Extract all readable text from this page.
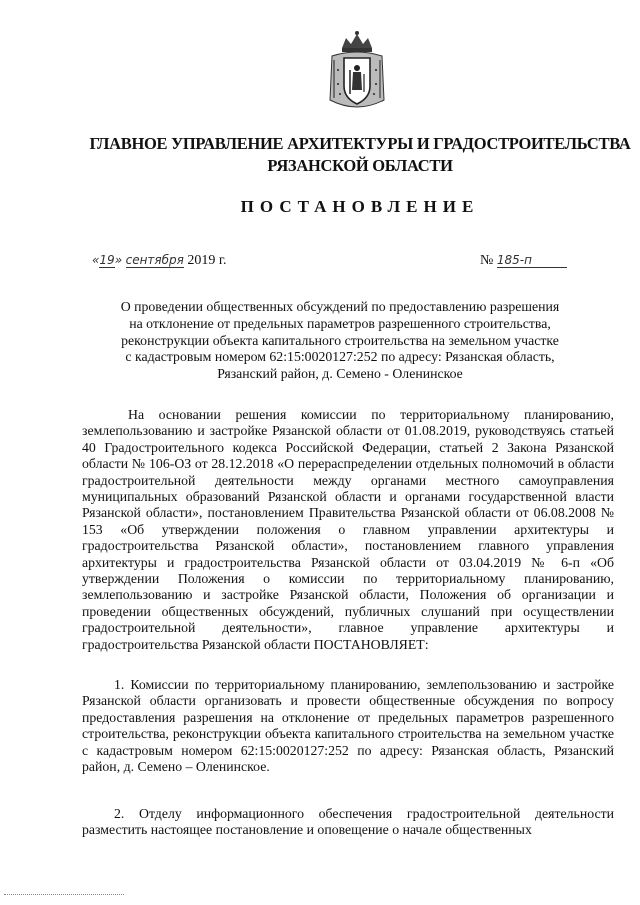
ГЛАВНОЕ УПРАВЛЕНИЕ АРХИТЕКТУРЫ И ГРАДОСТРОИТЕЛЬСТВА
РЯЗАНСКОЙ ОБЛАСТИ
ПОСТАНОВЛЕНИЕ
«19» сентября 2019 г.	№ 185-п
О проведении общественных обсуждений по предоставлению разрешения
на отклонение от предельных параметров разрешенного строительства,
реконструкции объекта капитального строительства на земельном участке
с кадастровым номером 62:15:0020127:252 по адресу: Рязанская область,
Рязанский район, д. Семено - Оленинское
На основании решения комиссии по территориальному планированию, землепользованию и застройке Рязанской области от 01.08.2019, руководствуясь статьей 40 Градостроительного кодекса Российской Федерации, статьей 2 Закона Рязанской области № 106-ОЗ от 28.12.2018 «О перераспределении отдельных полномочий в области градостроительной деятельности между органами местного самоуправления муниципальных образований Рязанской области и органами государственной власти Рязанской области», постановлением Правительства Рязанской области от 06.08.2008 № 153 «Об утверждении положения о главном управлении архитектуры и градостроительства Рязанской области», постановлением главного управления архитектуры и градостроительства Рязанской области от 03.04.2019 № 6-п «Об утверждении Положения о комиссии по территориальному планированию, землепользованию и застройке Рязанской области, Положения об организации и проведении общественных обсуждений, публичных слушаний при осуществлении градостроительной деятельности», главное управление архитектуры и градостроительства Рязанской области ПОСТАНОВЛЯЕТ:
1. Комиссии по территориальному планированию, землепользованию и застройке Рязанской области организовать и провести общественные обсуждения по вопросу предоставления разрешения на отклонение от предельных параметров разрешенного строительства, реконструкции объекта капитального строительства на земельном участке с кадастровым номером 62:15:0020127:252 по адресу: Рязанская область, Рязанский район, д. Семено – Оленинское.
2. Отделу информационного обеспечения градостроительной деятельности разместить настоящее постановление и оповещение о начале общественных
